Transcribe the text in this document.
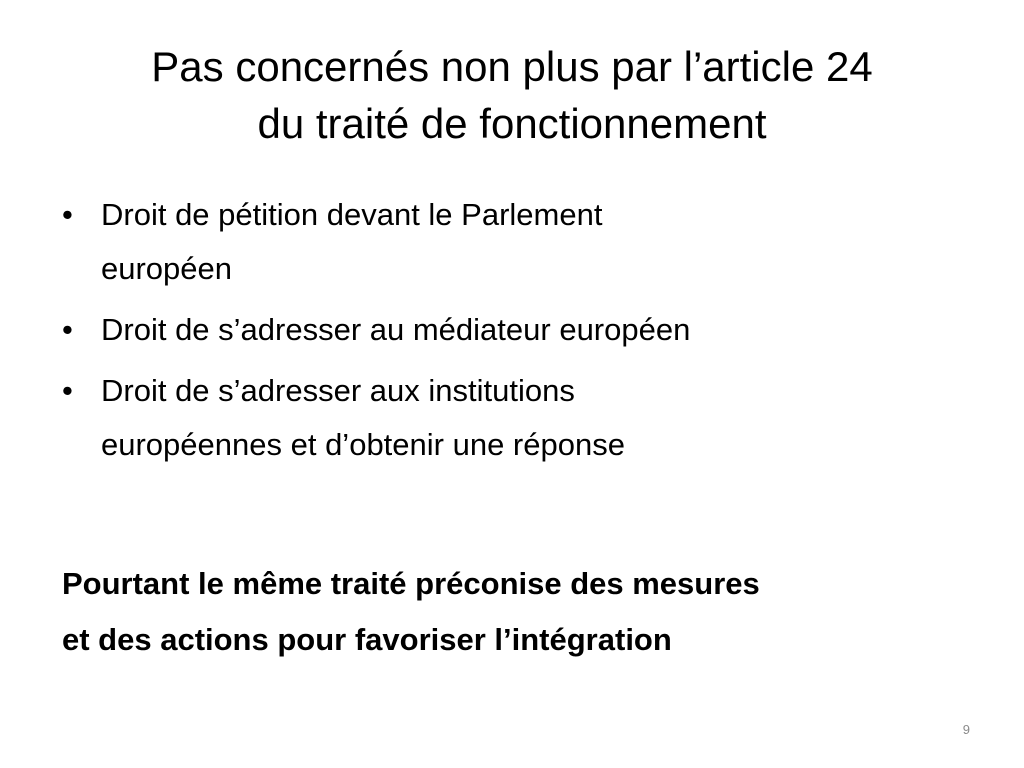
Pas concernés non plus par l’article 24
du traité de fonctionnement
• Droit de pétition devant le Parlement
européen
• Droit de s’adresser au médiateur européen
• Droit de s’adresser aux institutions
européennes et d’obtenir une réponse

Pourtant le même traité préconise des mesures
et des actions pour favoriser l’intégration

9
